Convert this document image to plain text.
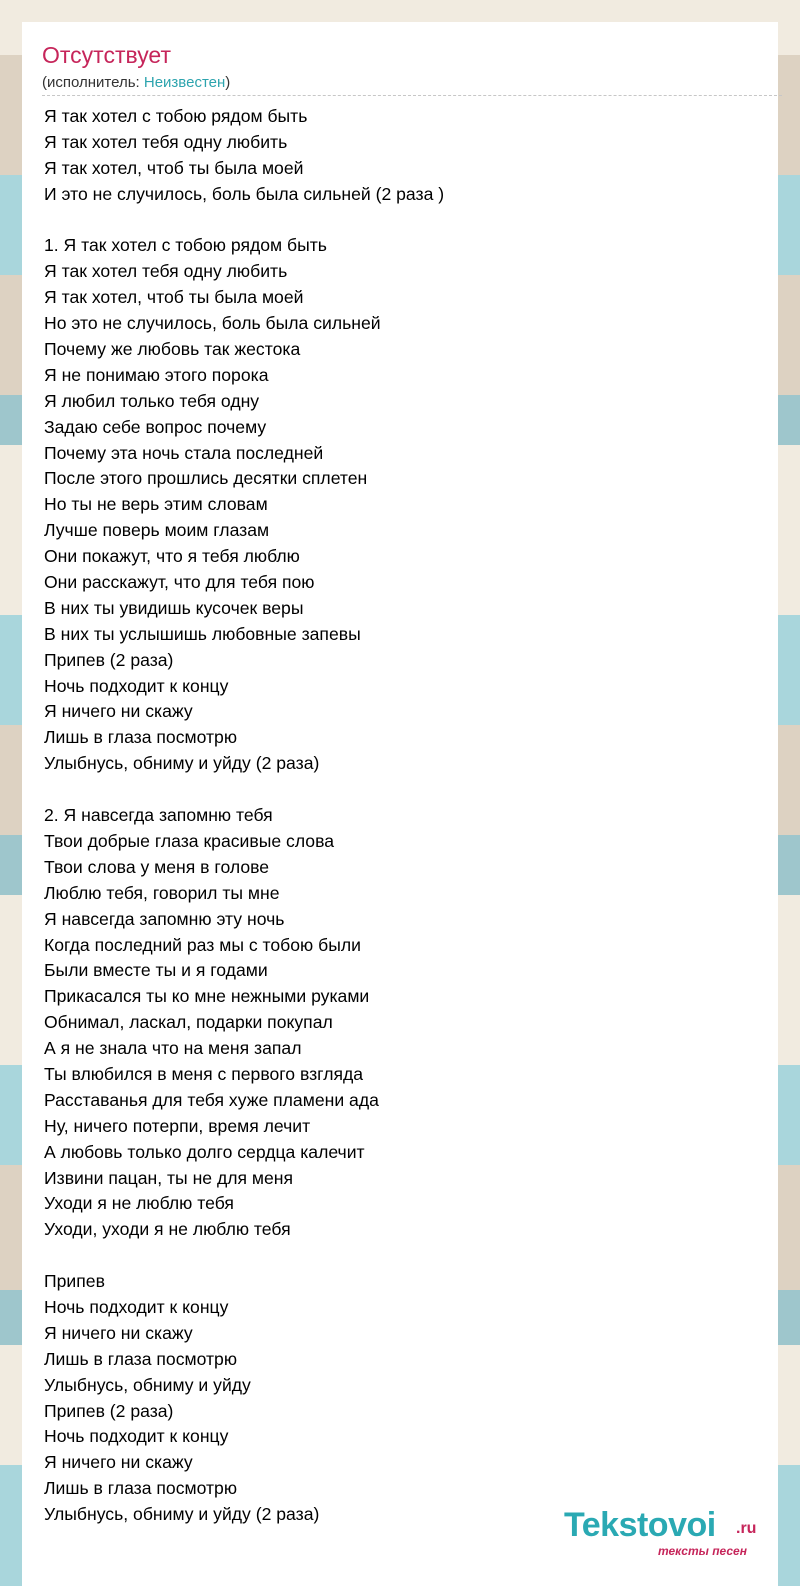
Отсутствует
(исполнитель: Неизвестен)
Я так хотел с тобою рядом быть
Я так хотел тебя одну любить
Я так хотел, чтоб ты была моей
И это не случилось, боль была сильней (2 раза )
1. Я так хотел с тобою рядом быть
Я так хотел тебя одну любить
Я так хотел, чтоб ты была моей
Но это не случилось, боль была сильней
Почему же любовь так жестока
Я не понимаю этого порока
Я любил только тебя одну
Задаю себе вопрос почему
Почему эта ночь стала последней
После этого прошлись десятки сплетен
Но ты не верь этим словам
Лучше поверь моим глазам
Они покажут, что я тебя люблю
Они расскажут, что для тебя пою
В них ты увидишь кусочек веры
В них ты услышишь любовные запевы
Припев (2 раза)
Ночь подходит к концу
Я ничего ни скажу
Лишь в глаза посмотрю
Улыбнусь, обниму и уйду (2 раза)
2. Я навсегда запомню тебя
Твои добрые глаза красивые слова
Твои слова у меня в голове
Люблю тебя, говорил ты мне
Я навсегда запомню эту ночь
Когда последний раз мы с тобою были
Были вместе ты и я годами
Прикасался ты ко мне нежными руками
Обнимал, ласкал, подарки покупал
А я не знала что на меня запал
Ты влюбился в меня с первого взгляда
Расставанья для тебя хуже пламени ада
Ну, ничего потерпи, время лечит
А любовь только долго сердца калечит
Извини пацан, ты не для меня
Уходи я не люблю тебя
Уходи, уходи я не люблю тебя
Припев
Ночь подходит к концу
Я ничего ни скажу
Лишь в глаза посмотрю
Улыбнусь, обниму и уйду
Припев (2 раза)
Ночь подходит к концу
Я ничего ни скажу
Лишь в глаза посмотрю
Улыбнусь, обниму и уйду (2 раза)	Tekstovoi .ru
тексты песен
